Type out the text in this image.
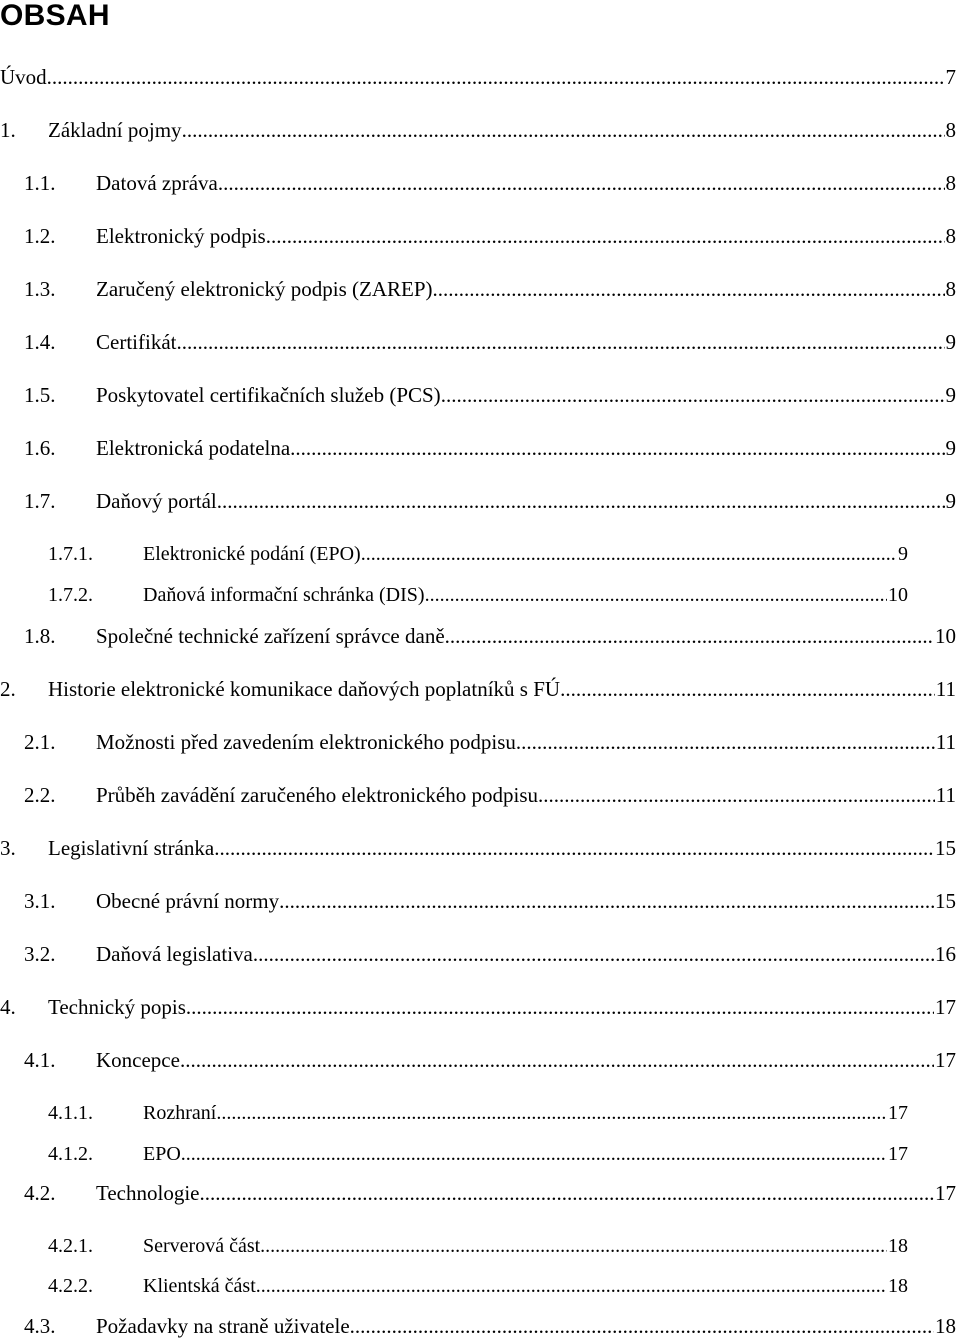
OBSAH
Úvod .....	7
1. Základní pojmy .....	8
1.1. Datová zpráva .....	8
1.2. Elektronický podpis .....	8
1.3. Zaručený elektronický podpis (ZAREP) .....	8
1.4. Certifikát .....	9
1.5. Poskytovatel certifikačních služeb (PCS) .....	9
1.6. Elektronická podatelna .....	9
1.7. Daňový portál .....	9
1.7.1.	Elektronické podání (EPO) .....	9
1.7.2.	Daňová informační schránka (DIS) .....	10
1.8. Společné technické zařízení správce daně .....	10
2. Historie elektronické komunikace daňových poplatníků s FÚ .....	11
2.1. Možnosti před zavedením elektronického podpisu .....	11
2.2. Průběh zavádění zaručeného elektronického podpisu .....	11
3. Legislativní stránka .....	15
3.1. Obecné právní normy .....	15
3.2. Daňová legislativa .....	16
4. Technický popis .....	17
4.1. Koncepce .....	17
4.1.1.	Rozhraní .....	17
4.1.2.	EPO .....	17
4.2. Technologie .....	17
4.2.1.	Serverová část .....	18
4.2.2.	Klientská část .....	18
4.3. Požadavky na straně uživatele .....	18
